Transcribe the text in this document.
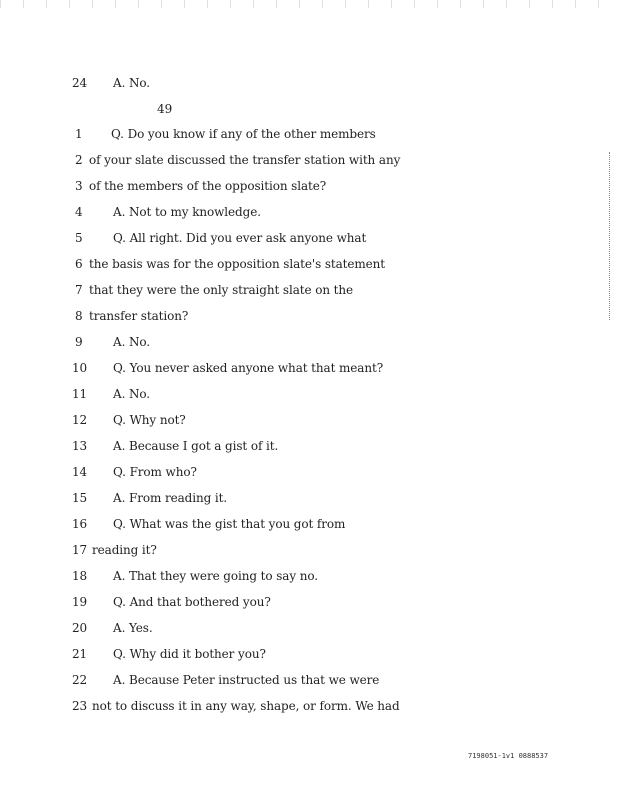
24	A. No.
49
1	Q. Do you know if any of the other members
2 of your slate discussed the transfer station with any
3 of the members of the opposition slate?
4	A. Not to my knowledge.
5	Q. All right. Did you ever ask anyone what
6 the basis was for the opposition slate's statement
7 that they were the only straight slate on the
8 transfer station?
9	A. No.
10	Q. You never asked anyone what that meant?
11	A. No.
12	Q. Why not?
13	A. Because I got a gist of it.
14	Q. From who?
15	A. From reading it.
16	Q. What was the gist that you got from
17 reading it?
18	A. That they were going to say no.
19	Q. And that bothered you?
20	A. Yes.
21	Q. Why did it bother you?
22	A. Because Peter instructed us that we were
23 not to discuss it in any way, shape, or form. We had
7198051-1v1 0888537
